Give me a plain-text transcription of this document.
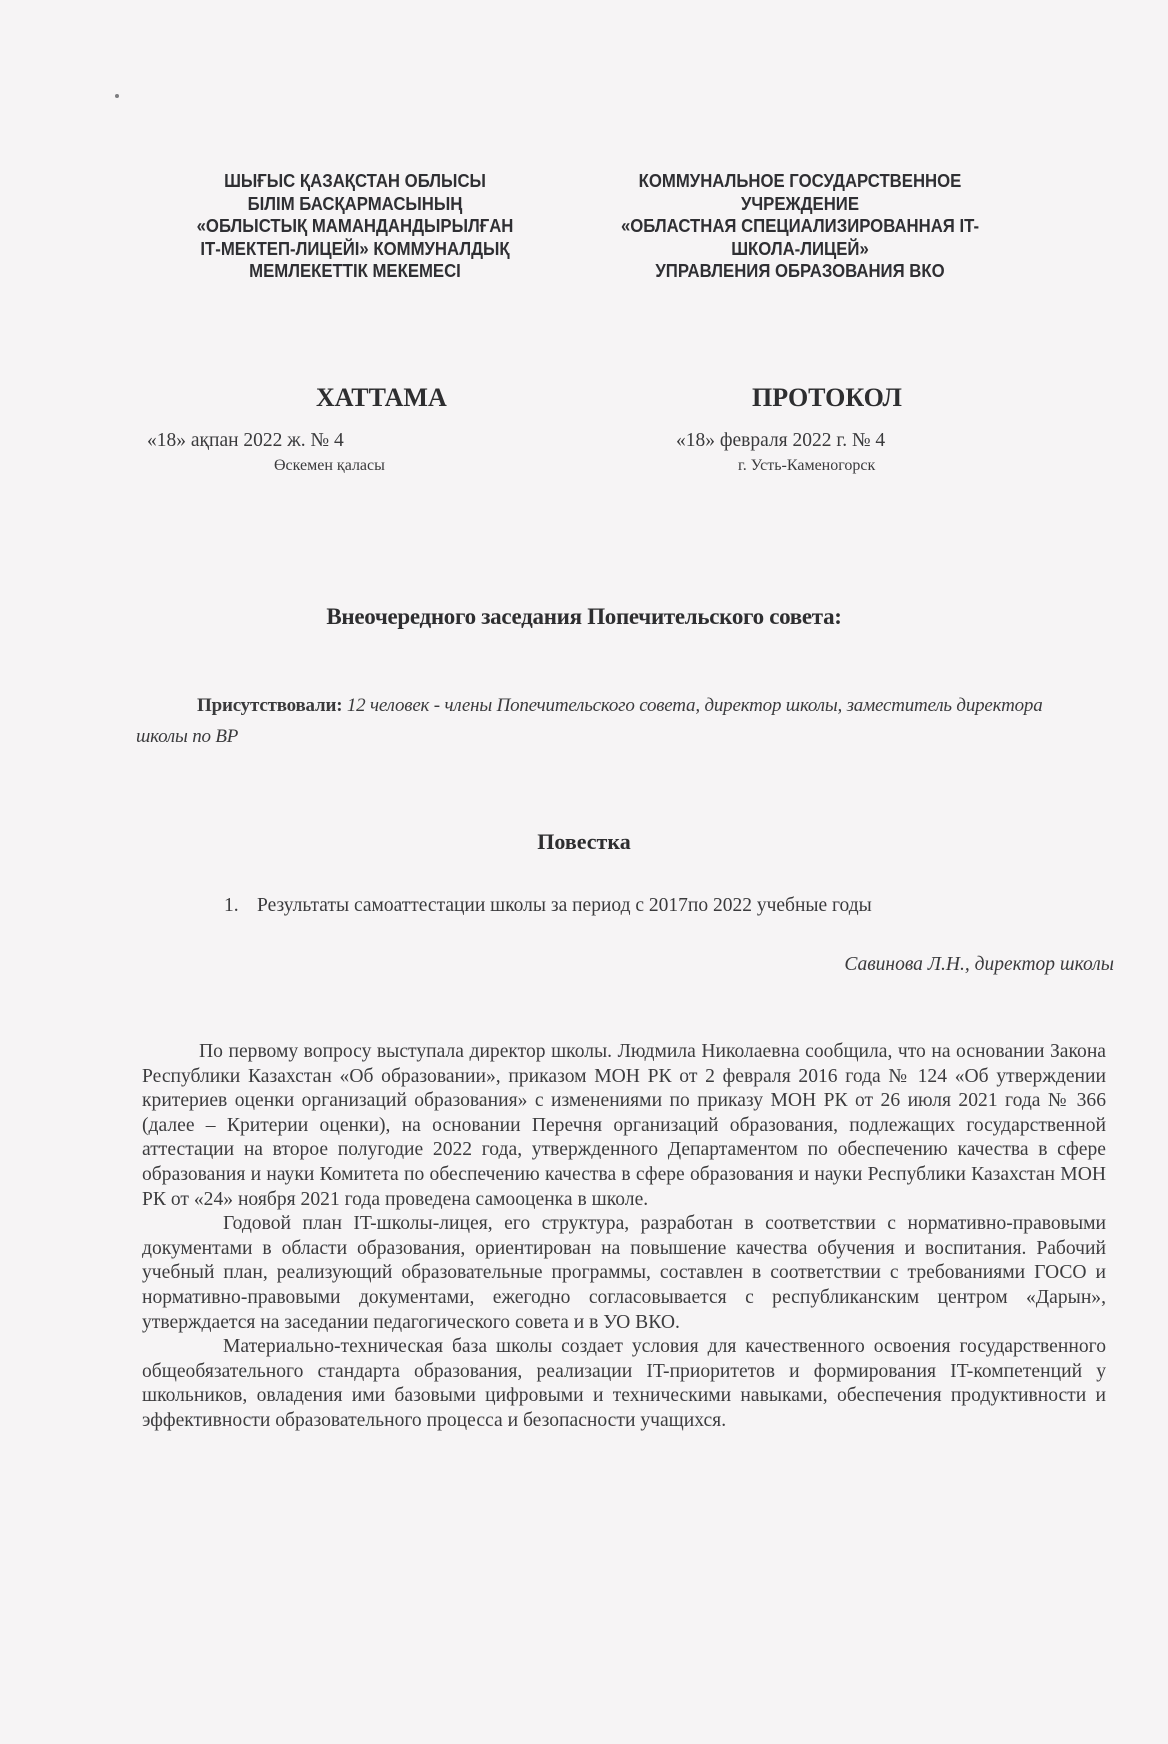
ШЫҒЫС ҚАЗАҚСТАН ОБЛЫСЫ
БІЛІМ БАСҚАРМАСЫНЫҢ
«ОБЛЫСТЫҚ МАМАНДАНДЫРЫЛҒАН
ІТ-МЕКТЕП-ЛИЦЕЙІ» КОММУНАЛДЫҚ
МЕМЛЕКЕТТІК МЕКЕМЕСІ
КОММУНАЛЬНОЕ ГОСУДАРСТВЕННОЕ
УЧРЕЖДЕНИЕ
«ОБЛАСТНАЯ СПЕЦИАЛИЗИРОВАННАЯ IT-
ШКОЛА-ЛИЦЕЙ»
УПРАВЛЕНИЯ ОБРАЗОВАНИЯ ВКО
ХАТТАМА
«18» ақпан 2022 ж. № 4
Өскемен қаласы
ПРОТОКОЛ
«18» февраля 2022 г. № 4
г. Усть-Каменогорск
Внеочередного заседания Попечительского совета:
Присутствовали: 12 человек - члены Попечительского совета, директор школы, заместитель директора школы по ВР
Повестка
1. Результаты самоаттестации школы за период с 2017по 2022 учебные годы
Савинова Л.Н., директор школы

По первому вопросу выступала директор школы. Людмила Николаевна сообщила, что на основании Закона Республики Казахстан «Об образовании», приказом МОН РК от 2 февраля 2016 года № 124 «Об утверждении критериев оценки организаций образования» с изменениями по приказу МОН РК от 26 июля 2021 года № 366 (далее – Критерии оценки), на основании Перечня организаций образования, подлежащих государственной аттестации на второе полугодие 2022 года, утвержденного Департаментом по обеспечению качества в сфере образования и науки Комитета по обеспечению качества в сфере образования и науки Республики Казахстан МОН РК от «24» ноября 2021 года проведена самооценка в школе.

Годовой план IT-школы-лицея, его структура, разработан в соответствии с нормативно-правовыми документами в области образования, ориентирован на повышение качества обучения и воспитания. Рабочий учебный план, реализующий образовательные программы, составлен в соответствии с требованиями ГОСО и нормативно-правовыми документами, ежегодно согласовывается с республиканским центром «Дарын», утверждается на заседании педагогического совета и в УО ВКО.

Материально-техническая база школы создает условия для качественного освоения государственного общеобязательного стандарта образования, реализации IT-приоритетов и формирования IT-компетенций у школьников, овладения ими базовыми цифровыми и техническими навыками, обеспечения продуктивности и эффективности образовательного процесса и безопасности учащихся.
